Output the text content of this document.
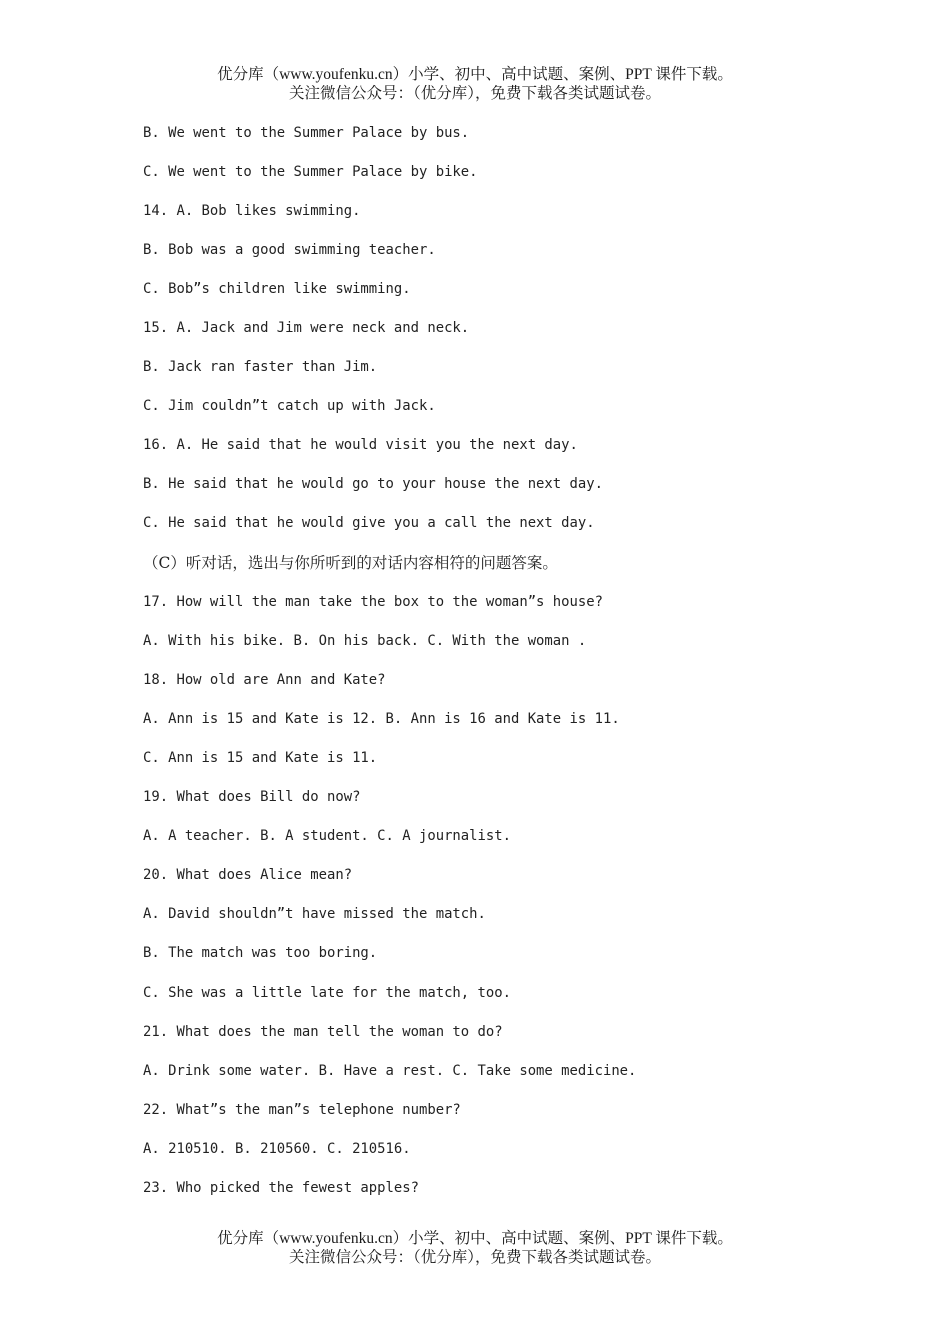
优分库（www.youfenku.cn）小学、初中、高中试题、案例、PPT 课件下载。
关注微信公众号：（优分库），免费下载各类试题试卷。
B. We went to the Summer Palace by bus.
C. We went to the Summer Palace by bike.
14. A. Bob likes swimming.
B. Bob was a good swimming teacher.
C. Bob”s children like swimming.
15. A. Jack and Jim were neck and neck.
B. Jack ran faster than Jim.
C. Jim couldn”t catch up with Jack.
16. A. He said that he would visit you the next day.
B. He said that he would go to your house the next day.
C. He said that he would give you a call the next day.
（C）听对话，选出与你所听到的对话内容相符的问题答案。
17. How will the man take the box to the woman”s house?
A. With his bike. B. On his back. C. With the woman .
18. How old are Ann and Kate?
A. Ann is 15 and Kate is 12. B. Ann is 16 and Kate is 11.
C. Ann is 15 and Kate is 11.
19. What does Bill do now?
A. A teacher. B. A student. C. A journalist.
20. What does Alice mean?
A. David shouldn”t have missed the match.
B. The match was too boring.
C. She was a little late for the match, too.
21. What does the man tell the woman to do?
A. Drink some water. B. Have a rest. C. Take some medicine.
22. What”s the man”s telephone number?
A. 210510. B. 210560. C. 210516.
23. Who picked the fewest apples?
优分库（www.youfenku.cn）小学、初中、高中试题、案例、PPT 课件下载。
关注微信公众号：（优分库），免费下载各类试题试卷。
